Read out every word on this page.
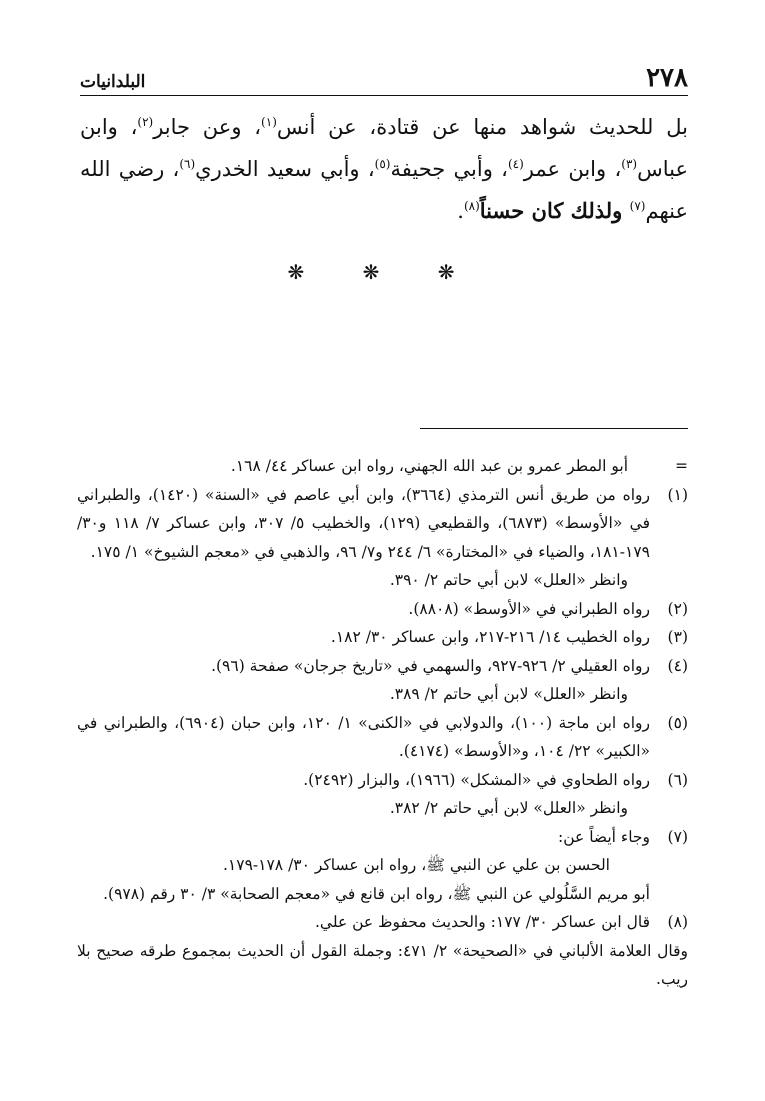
٢٧٨
البلدانيات
بل للحديث شواهد منها عن قتادة، عن أنس$^{(١)}$، وعن جابر$^{(٢)}$، وابن عباس$^{(٣)}$، وابن عمر$^{(٤)}$، وأبي جحيفة$^{(٥)}$، وأبي سعيد الخدري$^{(٦)}$، رضي الله عنهم$^{(٧)}$ ولذلك كان حسناً$^{(٨)}$.
❋ ❋ ❋
=

أبو المطر عمرو بن عبد الله الجهني، رواه ابن عساكر ٤٤/ ١٦٨.

(١)

رواه من طريق أنس الترمذي (٣٦٦٤)، وابن أبي عاصم في «السنة» (١٤٢٠)، والطبراني في «الأوسط» (٦٨٧٣)، والقطيعي (١٢٩)، والخطيب ٥/ ٣٠٧، وابن عساكر ٧/ ١١٨ و٣٠/ ١٧٩-١٨١، والضياء في «المختارة» ٦/ ٢٤٤ و٧/ ٩٦، والذهبي في «معجم الشيوخ» ١/ ١٧٥.

وانظر «العلل» لابن أبي حاتم ٢/ ٣٩٠.

(٢)

رواه الطبراني في «الأوسط» (٨٨٠٨).

(٣)

رواه الخطيب ١٤/ ٢١٦-٢١٧، وابن عساكر ٣٠/ ١٨٢.

(٤)

رواه العقيلي ٢/ ٩٢٦-٩٢٧، والسهمي في «تاريخ جرجان» صفحة (٩٦).

وانظر «العلل» لابن أبي حاتم ٢/ ٣٨٩.

(٥)

رواه ابن ماجة (١٠٠)، والدولابي في «الكنى» ١/ ١٢٠، وابن حبان (٦٩٠٤)، والطبراني في «الكبير» ٢٢/ ١٠٤، و«الأوسط» (٤١٧٤).

(٦)

رواه الطحاوي في «المشكل» (١٩٦٦)، والبزار (٢٤٩٢).

وانظر «العلل» لابن أبي حاتم ٢/ ٣٨٢.

(٧)

وجاء أيضاً عن:

الحسن بن علي عن النبي ﷺ، رواه ابن عساكر ٣٠/ ١٧٨-١٧٩.

أبو مريم السَّلُولي عن النبي ﷺ، رواه ابن قانع في «معجم الصحابة» ٣/ ٣٠ رقم (٩٧٨).

(٨)

قال ابن عساكر ٣٠/ ١٧٧: والحديث محفوظ عن علي.

وقال العلامة الألباني في «الصحيحة» ٢/ ٤٧١: وجملة القول أن الحديث بمجموع طرقه صحيح بلا ريب.
